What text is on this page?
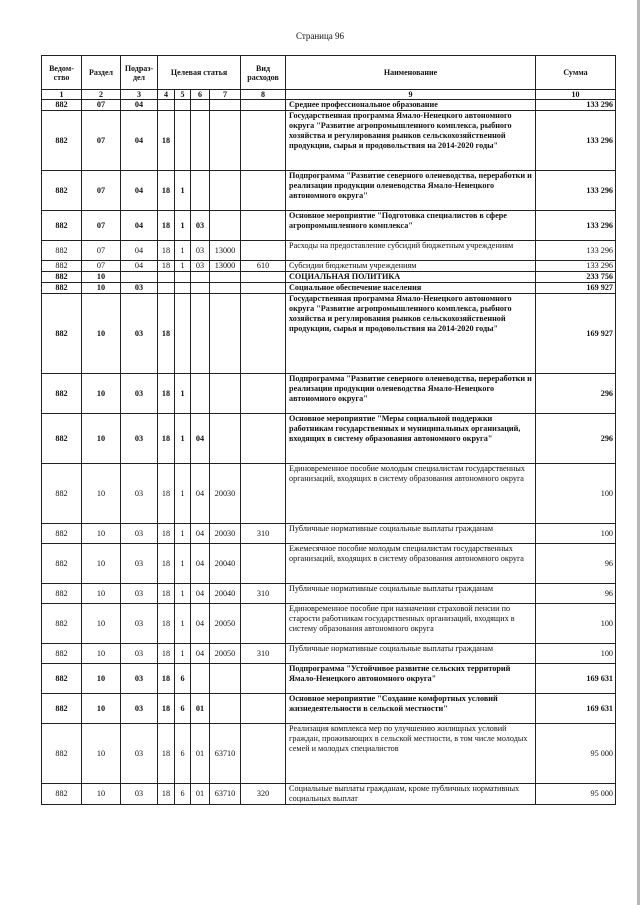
Страница 96
Ведом-ство	Раздел	Подраз-дел	Целевая статья				Вид расходов	Наименование	Сумма
1	2	3	4	5	6	7	8	9	10
882	07	04						Среднее профессиональное образование	133 296
882	07	04	18					Государственная программа Ямало-Ненецкого автономного округа "Развитие агропромышленного комплекса, рыбного хозяйства и регулирования рынков сельскохозяйственной продукции, сырья и продовольствия на 2014-2020 годы"	133 296
882	07	04	18	1				Подпрограмма "Развитие северного оленеводства, переработки и реализации продукции оленеводства Ямало-Ненецкого автономного округа"	133 296
882	07	04	18	1	03			Основное мероприятие "Подготовка специалистов в сфере агропромышленного комплекса"	133 296
882	07	04	18	1	03	13000		Расходы на предоставление субсидий бюджетным учреждениям	133 296
882	07	04	18	1	03	13000	610	Субсидии бюджетным учреждениям	133 296
882	10							СОЦИАЛЬНАЯ ПОЛИТИКА	233 756
882	10	03						Социальное обеспечение населения	169 927
882	10	03	18					Государственная программа Ямало-Ненецкого автономного округа "Развитие агропромышленного комплекса, рыбного хозяйства и регулирования рынков сельскохозяйственной продукции, сырья и продовольствия на 2014-2020 годы"	169 927
882	10	03	18	1				Подпрограмма "Развитие северного оленеводства, переработки и реализации продукции оленеводства Ямало-Ненецкого автономного округа"	296
882	10	03	18	1	04			Основное мероприятие "Меры социальной поддержки работникам государственных и муниципальных организаций, входящих в систему образования автономного округа"	296
882	10	03	18	1	04	20030		Единовременное пособие молодым специалистам государственных организаций, входящих в систему образования автономного округа	100
882	10	03	18	1	04	20030	310	Публичные нормативные социальные выплаты гражданам	100
882	10	03	18	1	04	20040		Ежемесячное пособие молодым специалистам государственных организаций, входящих в систему образования автономного округа	96
882	10	03	18	1	04	20040	310	Публичные нормативные социальные выплаты гражданам	96
882	10	03	18	1	04	20050		Единовременное пособие при назначении страховой пенсии по старости работникам государственных организаций, входящих в систему образования автономного округа	100
882	10	03	18	1	04	20050	310	Публичные нормативные социальные выплаты гражданам	100
882	10	03	18	6				Подпрограмма "Устойчивое развитие сельских территорий Ямало-Ненецкого автономного округа"	169 631
882	10	03	18	6	01			Основное мероприятие "Создание комфортных условий жизнедеятельности в сельской местности"	169 631
882	10	03	18	6	01	63710		Реализация комплекса мер по улучшению жилищных условий граждан, проживающих в сельской местности, в том числе молодых семей и молодых специалистов	95 000
882	10	03	18	6	01	63710	320	Социальные выплаты гражданам, кроме публичных нормативных социальных выплат	95 000
